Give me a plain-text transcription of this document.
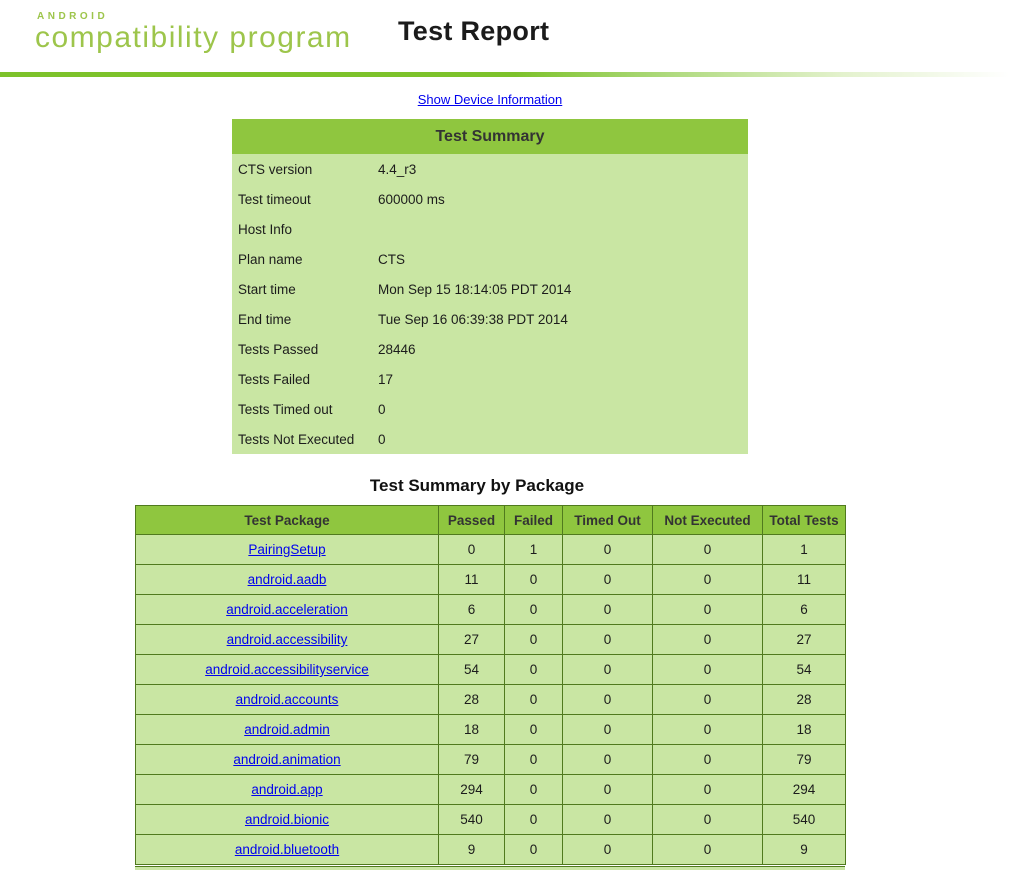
ANDROID
compatibility program Test Report
Show Device Information
Test Summary
CTS version	4.4_r3
Test timeout	600000 ms
Host Info
Plan name	CTS
Start time	Mon Sep 15 18:14:05 PDT 2014
End time	Tue Sep 16 06:39:38 PDT 2014
Tests Passed	28446
Tests Failed	17
Tests Timed out	0
Tests Not Executed	0
Test Summary by Package
Test Package	Passed	Failed	Timed Out	Not Executed	Total Tests
PairingSetup	0	1	0	0	1
android.aadb	11	0	0	0	11
android.acceleration	6	0	0	0	6
android.accessibility	27	0	0	0	27
android.accessibilityservice	54	0	0	0	54
android.accounts	28	0	0	0	28
android.admin	18	0	0	0	18
android.animation	79	0	0	0	79
android.app	294	0	0	0	294
android.bionic	540	0	0	0	540
android.bluetooth	9	0	0	0	9
